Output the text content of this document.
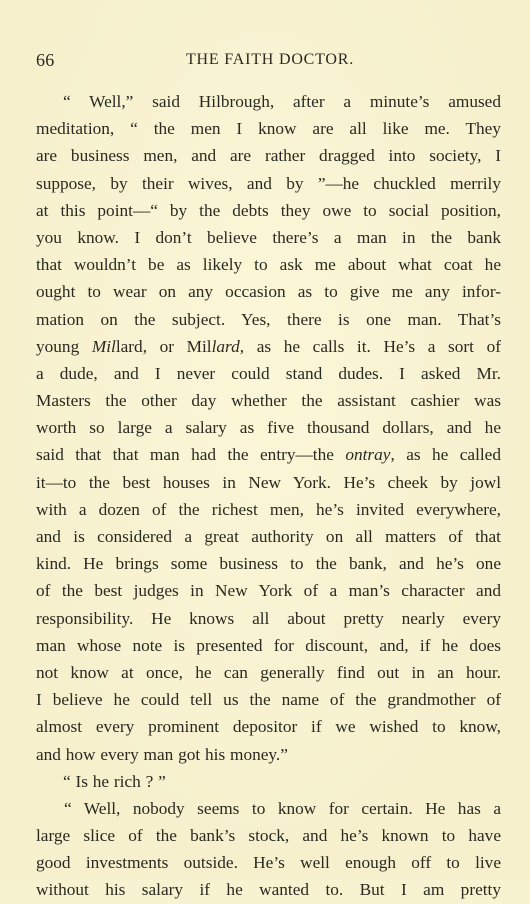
66	THE FAITH DOCTOR.
“ Well,” said Hilbrough, after a minute’s amused
meditation, “ the men I know are all like me. They
are business men, and are rather dragged into society, I
suppose, by their wives, and by ”—he chuckled merrily
at this point—“ by the debts they owe to social position,
you know. I don’t believe there’s a man in the bank
that wouldn’t be as likely to ask me about what coat he
ought to wear on any occasion as to give me any infor-
mation on the subject. Yes, there is one man. That’s
young Millard, or Millard, as he calls it. He’s a sort of
a dude, and I never could stand dudes. I asked Mr.
Masters the other day whether the assistant cashier was
worth so large a salary as five thousand dollars, and he
said that that man had the entry—the ontray, as he called
it—to the best houses in New York. He’s cheek by jowl
with a dozen of the richest men, he’s invited everywhere,
and is considered a great authority on all matters of that
kind. He brings some business to the bank, and he’s one
of the best judges in New York of a man’s character and
responsibility. He knows all about pretty nearly every
man whose note is presented for discount, and, if he does
not know at once, he can generally find out in an hour.
I believe he could tell us the name of the grandmother of
almost every prominent depositor if we wished to know,
and how every man got his money.”
“ Is he rich ? ”
“ Well, nobody seems to know for certain. He has a
large slice of the bank’s stock, and he’s known to have
good investments outside. He’s well enough off to live
without his salary if he wanted to. But I am pretty
